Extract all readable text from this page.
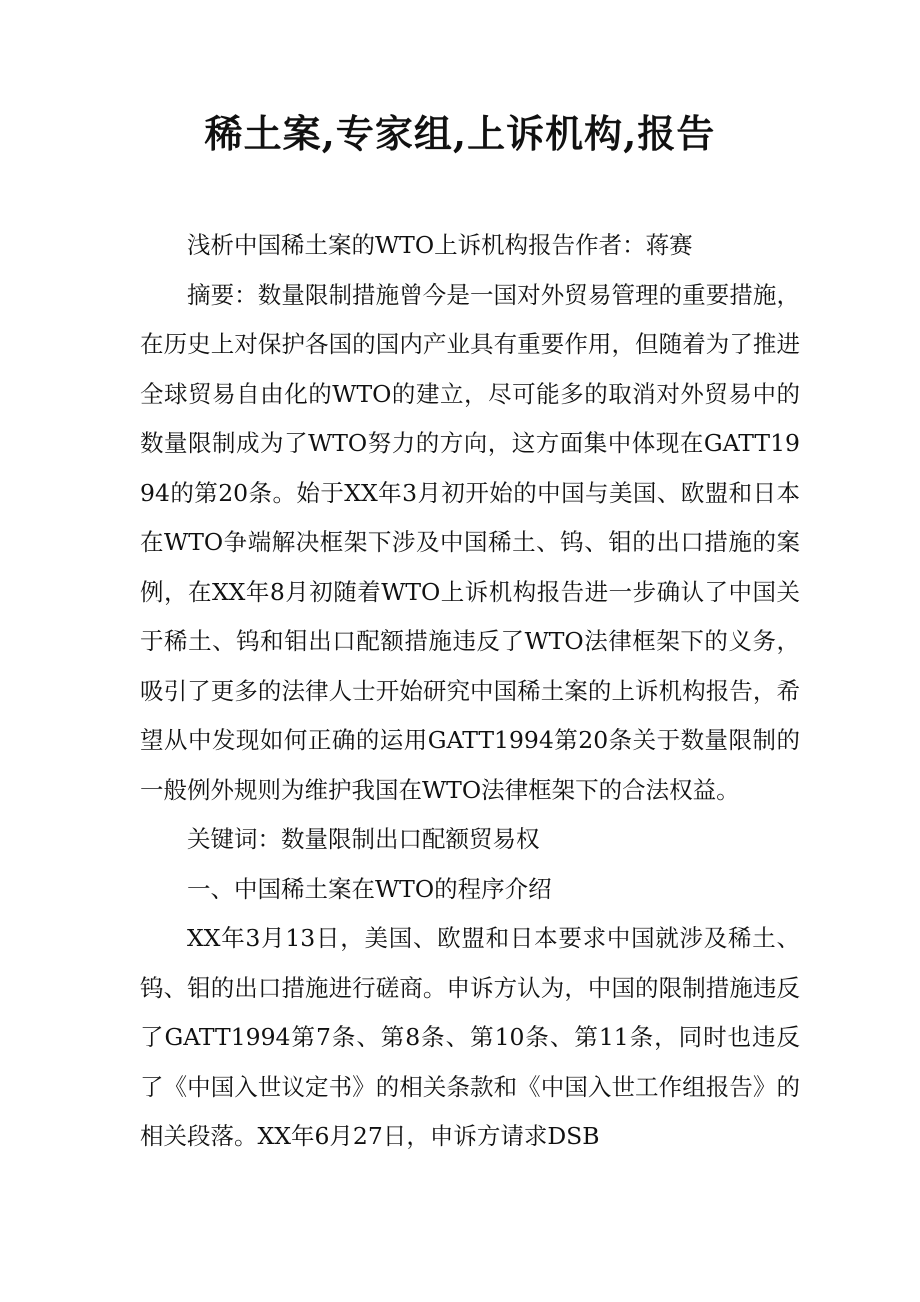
稀土案,专家组,上诉机构,报告

浅析中国稀土案的WTO上诉机构报告作者：蒋赛

摘要：数量限制措施曾今是一国对外贸易管理的重要措施，在历史上对保护各国的国内产业具有重要作用，但随着为了推进全球贸易自由化的WTO的建立，尽可能多的取消对外贸易中的数量限制成为了WTO努力的方向，这方面集中体现在GATT1994的第20条。始于XX年3月初开始的中国与美国、欧盟和日本在WTO争端解决框架下涉及中国稀土、钨、钼的出口措施的案例，在XX年8月初随着WTO上诉机构报告进一步确认了中国关于稀土、钨和钼出口配额措施违反了WTO法律框架下的义务，吸引了更多的法律人士开始研究中国稀土案的上诉机构报告，希望从中发现如何正确的运用GATT1994第20条关于数量限制的一般例外规则为维护我国在WTO法律框架下的合法权益。

关键词：数量限制出口配额贸易权

一、中国稀土案在WTO的程序介绍

XX年3月13日，美国、欧盟和日本要求中国就涉及稀土、钨、钼的出口措施进行磋商。申诉方认为，中国的限制措施违反了GATT1994第7条、第8条、第10条、第11条，同时也违反了《中国入世议定书》的相关条款和《中国入世工作组报告》的相关段落。XX年6月27日，申诉方请求DSB
